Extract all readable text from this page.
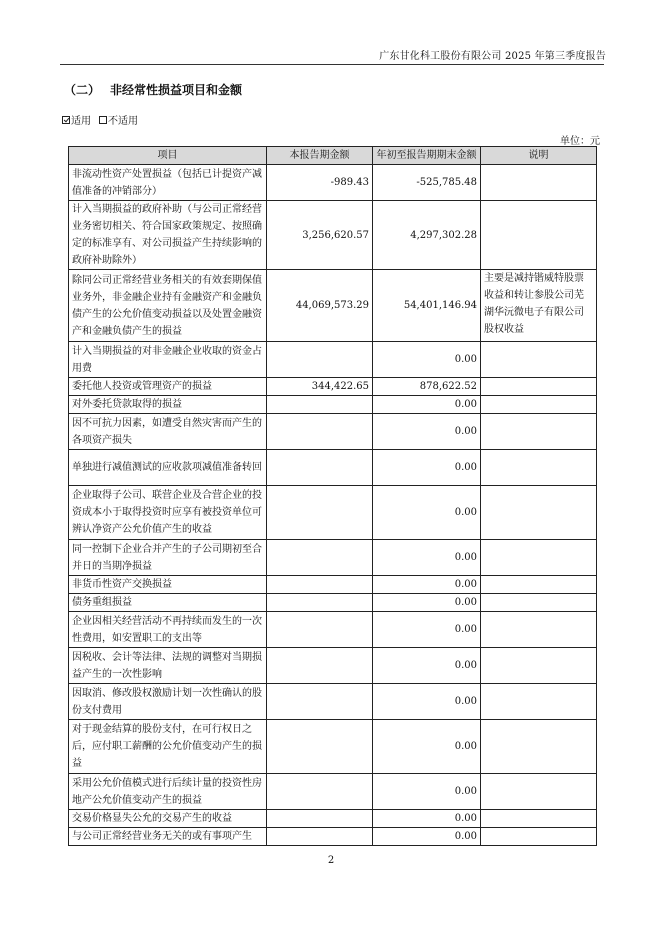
广东甘化科工股份有限公司 2025 年第三季度报告
（二） 非经常性损益项目和金额
适用 不适用
单位：元
项目	本报告期金额	年初至报告期期末金额	说明
非流动性资产处置损益（包括已计提资产减值准备的冲销部分）	-989.43	-525,785.48	
计入当期损益的政府补助（与公司正常经营业务密切相关、符合国家政策规定、按照确定的标准享有、对公司损益产生持续影响的政府补助除外）	3,256,620.57	4,297,302.28	
除同公司正常经营业务相关的有效套期保值业务外，非金融企业持有金融资产和金融负债产生的公允价值变动损益以及处置金融资产和金融负债产生的损益	44,069,573.29	54,401,146.94	主要是减持锴威特股票收益和转让参股公司芜湖华沅微电子有限公司股权收益
计入当期损益的对非金融企业收取的资金占用费		0.00	
委托他人投资或管理资产的损益	344,422.65	878,622.52	
对外委托贷款取得的损益		0.00	
因不可抗力因素，如遭受自然灾害而产生的各项资产损失		0.00	
单独进行减值测试的应收款项减值准备转回		0.00	
企业取得子公司、联营企业及合营企业的投资成本小于取得投资时应享有被投资单位可辨认净资产公允价值产生的收益		0.00	
同一控制下企业合并产生的子公司期初至合并日的当期净损益		0.00	
非货币性资产交换损益		0.00	
债务重组损益		0.00	
企业因相关经营活动不再持续而发生的一次性费用，如安置职工的支出等		0.00	
因税收、会计等法律、法规的调整对当期损益产生的一次性影响		0.00	
因取消、修改股权激励计划一次性确认的股份支付费用		0.00	
对于现金结算的股份支付，在可行权日之后，应付职工薪酬的公允价值变动产生的损益		0.00	
采用公允价值模式进行后续计量的投资性房地产公允价值变动产生的损益		0.00	
交易价格显失公允的交易产生的收益		0.00	
与公司正常经营业务无关的或有事项产生		0.00	
2
